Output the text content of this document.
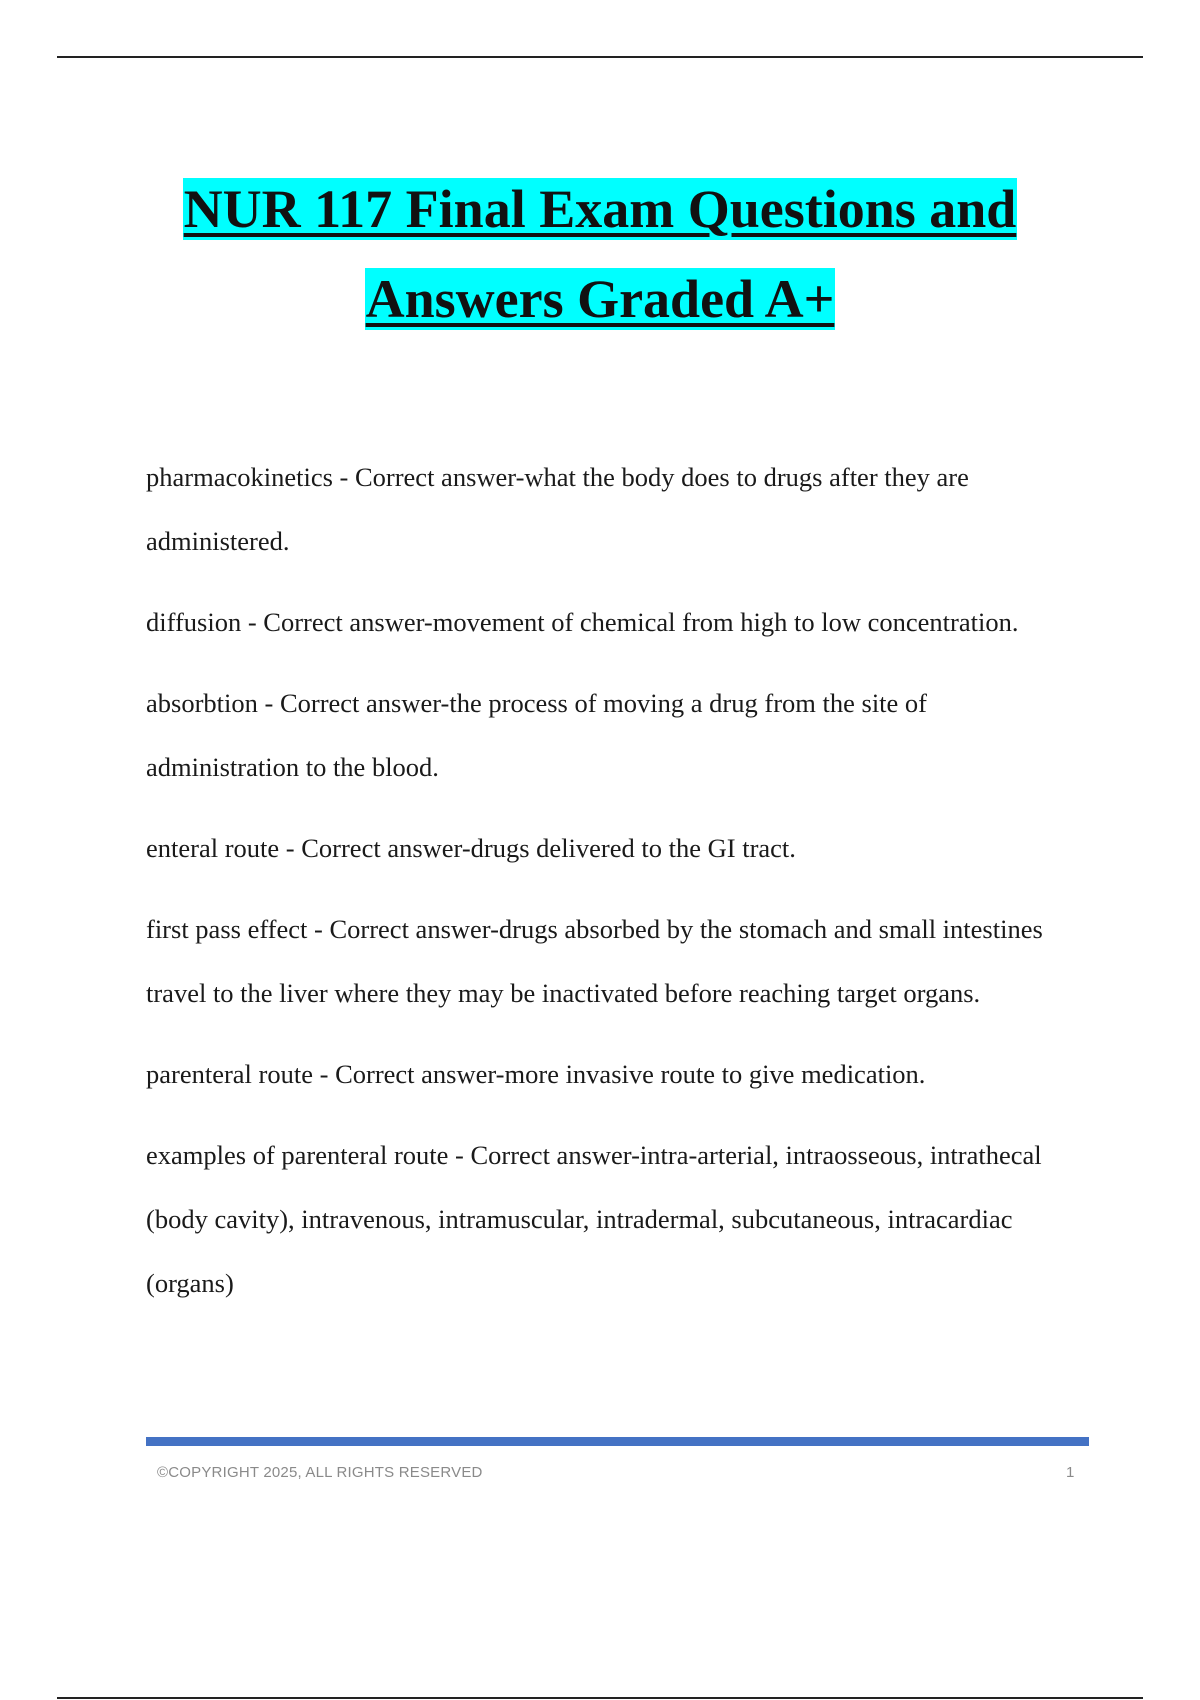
NUR 117 Final Exam Questions and
Answers Graded A+

pharmacokinetics - Correct answer-what the body does to drugs after they are administered.

diffusion - Correct answer-movement of chemical from high to low concentration.

absorbtion - Correct answer-the process of moving a drug from the site of administration to the blood.

enteral route - Correct answer-drugs delivered to the GI tract.

first pass effect - Correct answer-drugs absorbed by the stomach and small intestines travel to the liver where they may be inactivated before reaching target organs.

parenteral route - Correct answer-more invasive route to give medication.

examples of parenteral route - Correct answer-intra-arterial, intraosseous, intrathecal (body cavity), intravenous, intramuscular, intradermal, subcutaneous, intracardiac (organs)

©COPYRIGHT 2025, ALL RIGHTS RESERVED	1
